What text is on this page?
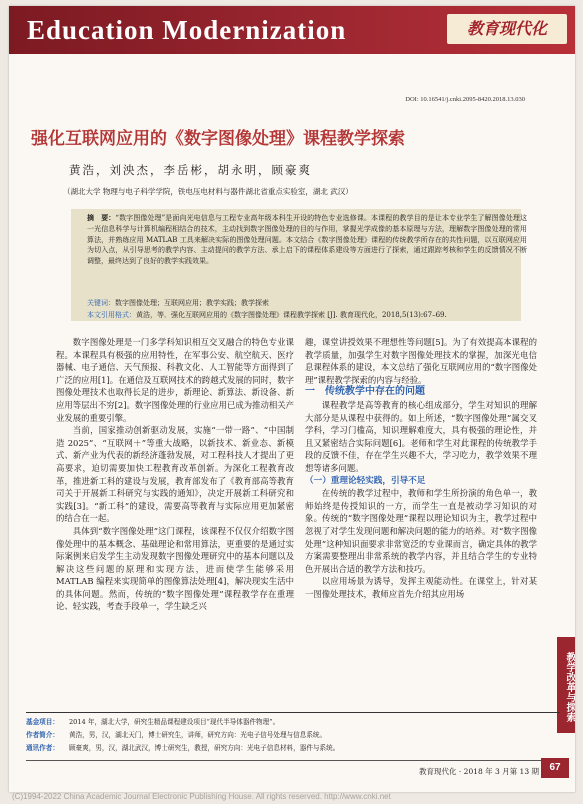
Education Modernization	教育现代化
DOI: 10.16541/j.cnki.2095-8420.2018.13.030
强化互联网应用的《数字图像处理》课程教学探索
黄浩，刘泱杰，李岳彬，胡永明，顾豪爽
（湖北大学 物理与电子科学学院，铁电压电材料与器件湖北省重点实验室，湖北 武汉）
摘　要：“数字图像处理”是面向光电信息与工程专业高年级本科生开设的特色专业选修课。本课程的教学目的是让本专业学生了解图像处理这一光信息科学与计算机编程相结合的技术，主动找到数字图像处理的目的与作用，掌握光学成像的基本原理与方法，理解数字图像处理的常用算法，并熟练应用 MATLAB 工具来解决实际的图像处理问题。本文结合《数字图像处理》课程的传统教学所存在的共性问题，以互联网应用为切入点，从引导思考的教学内容、主动提问的教学方法、承上启下的课程体系建设等方面进行了探索，通过跟踪考核和学生的反馈情况不断调整，最终达到了良好的教学实践效果。
关键词：数字图像处理；互联网应用；教学实践；教学探索
本文引用格式：黄浩，等．强化互联网应用的《数字图像处理》课程教学探索 [J]. 教育现代化，2018,5(13):67–69.

数字图像处理是一门多学科知识相互交叉融合的特色专业课程。本课程具有极强的应用特性，在军事公安、航空航天、医疗器械、电子通信、天气预报、科教文化、人工智能等方面得到了广泛的应用[1]。在通信及互联网技术的跨越式发展的同时，数字图像处理技术也取得长足的进步，新理论、新算法、新设备、新应用等层出不穷[2]。数字图像处理的行业应用已成为推动相关产业发展的重要引擎。

当前，国家推动创新驱动发展，实施“一带一路”、“中国制造 2025”、“互联网＋”等重大战略，以新技术、新业态、新模式、新产业为代表的新经济蓬勃发展，对工程科技人才提出了更高要求，迫切需要加快工程教育改革创新。为深化工程教育改革，推进新工科的建设与发展，教育部发布了《教育部高等教育司关于开展新工科研究与实践的通知》，决定开展新工科研究和实践[3]。“新工科”的建设，需要高等教育与实际应用更加紧密的结合在一起。

具体到“数字图像处理”这门课程，该课程不仅仅介绍数字图像处理中的基本概念、基础理论和常用算法，更重要的是通过实际案例来启发学生主动发现数字图像处理研究中的基本问题以及解决这些问题的原理和实现方法，进而使学生能够采用 MATLAB 编程来实现简单的图像算法处理[4]，解决现实生活中的具体问题。然而，传统的“数字图像处理”课程教学存在重理论、轻实践，考查手段单一，学生缺乏兴

趣，课堂讲授效果不理想性等问题[5]。为了有效提高本课程的教学质量，加强学生对数字图像处理技术的掌握，加深光电信息课程体系的建设，本文总结了强化互联网应用的“数字图像处理”课程教学探索的内容与经验。

一　传统教学中存在的问题

课程教学是高等教育的核心组成部分，学生对知识的理解大部分是从课程中获得的。如上所述，“数字图像处理”属交叉学科，学习门槛高，知识理解难度大，具有极强的理论性，并且又紧密结合实际问题[6]。老师和学生对此课程的传统教学手段的反馈不佳，存在学生兴趣不大，学习吃力，教学效果不理想等诸多问题。

（一）重理论轻实践，引导不足

在传统的教学过程中，教师和学生所扮演的角色单一，教师始终是传授知识的一方，而学生一直是被动学习知识的对象。传统的“数字图像处理”课程以理论知识为主，教学过程中忽视了对学生发现问题和解决问题的能力的培养。对“数字图像处理”这种知识面要求非常宽泛的专业课而言，确定具体的教学方案需要整理出非常系统的教学内容，并且结合学生的专业特色开展出合适的教学方法和技巧。

以应用场景为诱导，发挥主观能动性。在课堂上，针对某一图像处理技术，教师应首先介绍其应用场

教学改革与探索
基金项目： 2014 年，湖北大学，研究生精品课程建设项目“现代半导体器件物理”。
作者简介： 黄浩，男，汉，湖北天门，博士研究生，讲师，研究方向：光电子信号处理与信息系统。
通讯作者： 顾豪爽，男，汉，湖北武汉，博士研究生，教授，研究方向：光电子信息材料，器件与系统。
教育现代化 · 2018 年 3 月第 13 期	67
(C)1994-2022 China Academic Journal Electronic Publishing House. All rights reserved. http://www.cnki.net
